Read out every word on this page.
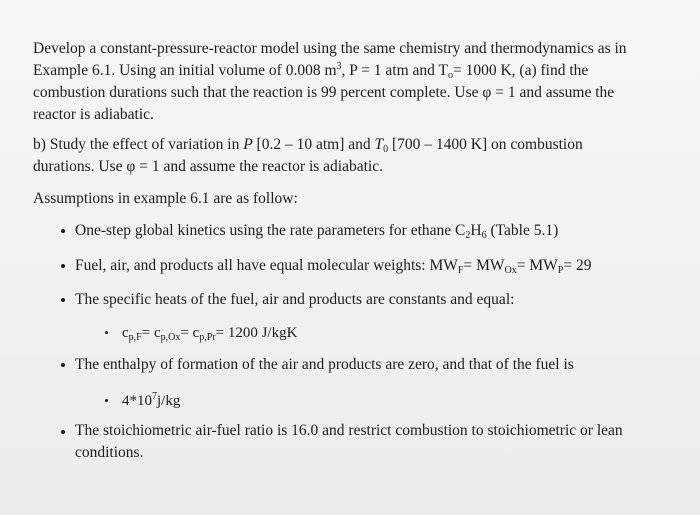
Develop a constant-pressure-reactor model using the same chemistry and thermodynamics as in
Example 6.1. Using an initial volume of 0.008 $m^3$, P = 1 atm and $T_o= 1000$ K, (a) find the
combustion durations such that the reaction is 99 percent complete. Use φ = 1 and assume the
reactor is adiabatic.

b) Study the effect of variation in P [0.2 – 10 atm] and $T_0$ [700 – 1400 K] on combustion
durations. Use φ = 1 and assume the reactor is adiabatic.

Assumptions in example 6.1 are as follow:

One-step global kinetics using the rate parameters for ethane $C_2H_6$ (Table 5.1)
Fuel, air, and products all have equal molecular weights: $MW_F= MW_{Ox}= MW_P= 29$
The specific heats of the fuel, air and products are constants and equal:
$c_{p,F}= c_{p,Ox}= c_{p,Pr}= 1200$ J/kgK
The enthalpy of formation of the air and products are zero, and that of the fuel is
$4*10^7j/kg$
The stoichiometric air-fuel ratio is 16.0 and restrict combustion to stoichiometric or lean
conditions.
